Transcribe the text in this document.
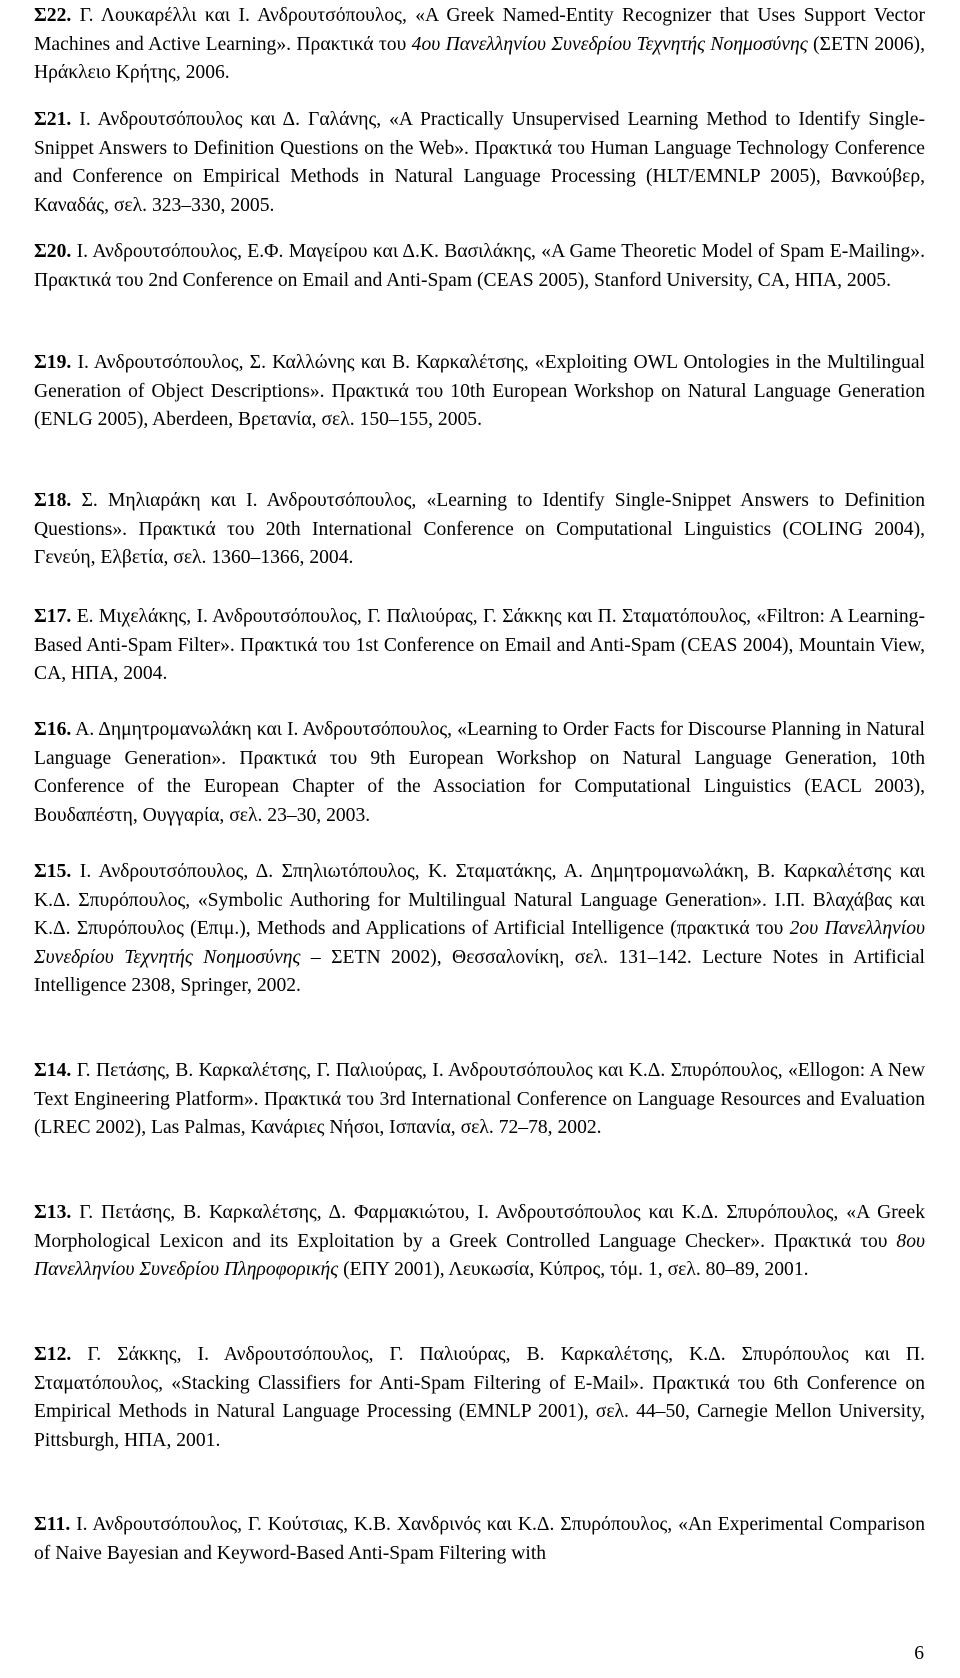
Σ22. Γ. Λουκαρέλλι και Ι. Ανδρουτσόπουλος, «A Greek Named-Entity Recognizer that Uses Support Vector Machines and Active Learning». Πρακτικά του 4ου Πανελληνίου Συνεδρίου Τεχνητής Νοημοσύνης (ΣΕΤΝ 2006), Ηράκλειο Κρήτης, 2006.
Σ21. Ι. Ανδρουτσόπουλος και Δ. Γαλάνης, «A Practically Unsupervised Learning Method to Identify Single-Snippet Answers to Definition Questions on the Web». Πρακτικά του Human Language Technology Conference and Conference on Empirical Methods in Natural Language Processing (HLT/EMNLP 2005), Βανκούβερ, Καναδάς, σελ. 323–330, 2005.
Σ20. Ι. Ανδρουτσόπουλος, Ε.Φ. Μαγείρου και Δ.Κ. Βασιλάκης, «A Game Theoretic Model of Spam E-Mailing». Πρακτικά του 2nd Conference on Email and Anti-Spam (CEAS 2005), Stanford University, CA, ΗΠΑ, 2005.
Σ19. Ι. Ανδρουτσόπουλος, Σ. Καλλώνης και Β. Καρκαλέτσης, «Exploiting OWL Ontologies in the Multilingual Generation of Object Descriptions». Πρακτικά του 10th European Workshop on Natural Language Generation (ENLG 2005), Aberdeen, Βρετανία, σελ. 150–155, 2005.
Σ18. Σ. Μηλιαράκη και Ι. Ανδρουτσόπουλος, «Learning to Identify Single-Snippet Answers to Definition Questions». Πρακτικά του 20th International Conference on Computational Linguistics (COLING 2004), Γενεύη, Ελβετία, σελ. 1360–1366, 2004.
Σ17. Ε. Μιχελάκης, Ι. Ανδρουτσόπουλος, Γ. Παλιούρας, Γ. Σάκκης και Π. Σταματόπουλος, «Filtron: A Learning-Based Anti-Spam Filter». Πρακτικά του 1st Conference on Email and Anti-Spam (CEAS 2004), Mountain View, CA, ΗΠΑ, 2004.
Σ16. Α. Δημητρομανωλάκη και Ι. Ανδρουτσόπουλος, «Learning to Order Facts for Discourse Planning in Natural Language Generation». Πρακτικά του 9th European Workshop on Natural Language Generation, 10th Conference of the European Chapter of the Association for Computational Linguistics (EACL 2003), Βουδαπέστη, Ουγγαρία, σελ. 23–30, 2003.
Σ15. Ι. Ανδρουτσόπουλος, Δ. Σπηλιωτόπουλος, Κ. Σταματάκης, Α. Δημητρομανωλάκη, Β. Καρκαλέτσης και Κ.Δ. Σπυρόπουλος, «Symbolic Authoring for Multilingual Natural Language Generation». Ι.Π. Βλαχάβας και Κ.Δ. Σπυρόπουλος (Επιμ.), Methods and Applications of Artificial Intelligence (πρακτικά του 2ου Πανελληνίου Συνεδρίου Τεχνητής Νοημοσύνης – ΣΕΤΝ 2002), Θεσσαλονίκη, σελ. 131–142. Lecture Notes in Artificial Intelligence 2308, Springer, 2002.
Σ14. Γ. Πετάσης, Β. Καρκαλέτσης, Γ. Παλιούρας, Ι. Ανδρουτσόπουλος και Κ.Δ. Σπυρόπουλος, «Ellogon: A New Text Engineering Platform». Πρακτικά του 3rd International Conference on Language Resources and Evaluation (LREC 2002), Las Palmas, Κανάριες Νήσοι, Ισπανία, σελ. 72–78, 2002.
Σ13. Γ. Πετάσης, Β. Καρκαλέτσης, Δ. Φαρμακιώτου, Ι. Ανδρουτσόπουλος και Κ.Δ. Σπυρόπουλος, «A Greek Morphological Lexicon and its Exploitation by a Greek Controlled Language Checker». Πρακτικά του 8ου Πανελληνίου Συνεδρίου Πληροφορικής (ΕΠΥ 2001), Λευκωσία, Κύπρος, τόμ. 1, σελ. 80–89, 2001.
Σ12. Γ. Σάκκης, Ι. Ανδρουτσόπουλος, Γ. Παλιούρας, Β. Καρκαλέτσης, Κ.Δ. Σπυρόπουλος και Π. Σταματόπουλος, «Stacking Classifiers for Anti-Spam Filtering of E-Mail». Πρακτικά του 6th Conference on Empirical Methods in Natural Language Processing (EMNLP 2001), σελ. 44–50, Carnegie Mellon University, Pittsburgh, ΗΠΑ, 2001.
Σ11. Ι. Ανδρουτσόπουλος, Γ. Κούτσιας, Κ.Β. Χανδρινός και Κ.Δ. Σπυρόπουλος, «An Experimental Comparison of Naive Bayesian and Keyword-Based Anti-Spam Filtering with
6
